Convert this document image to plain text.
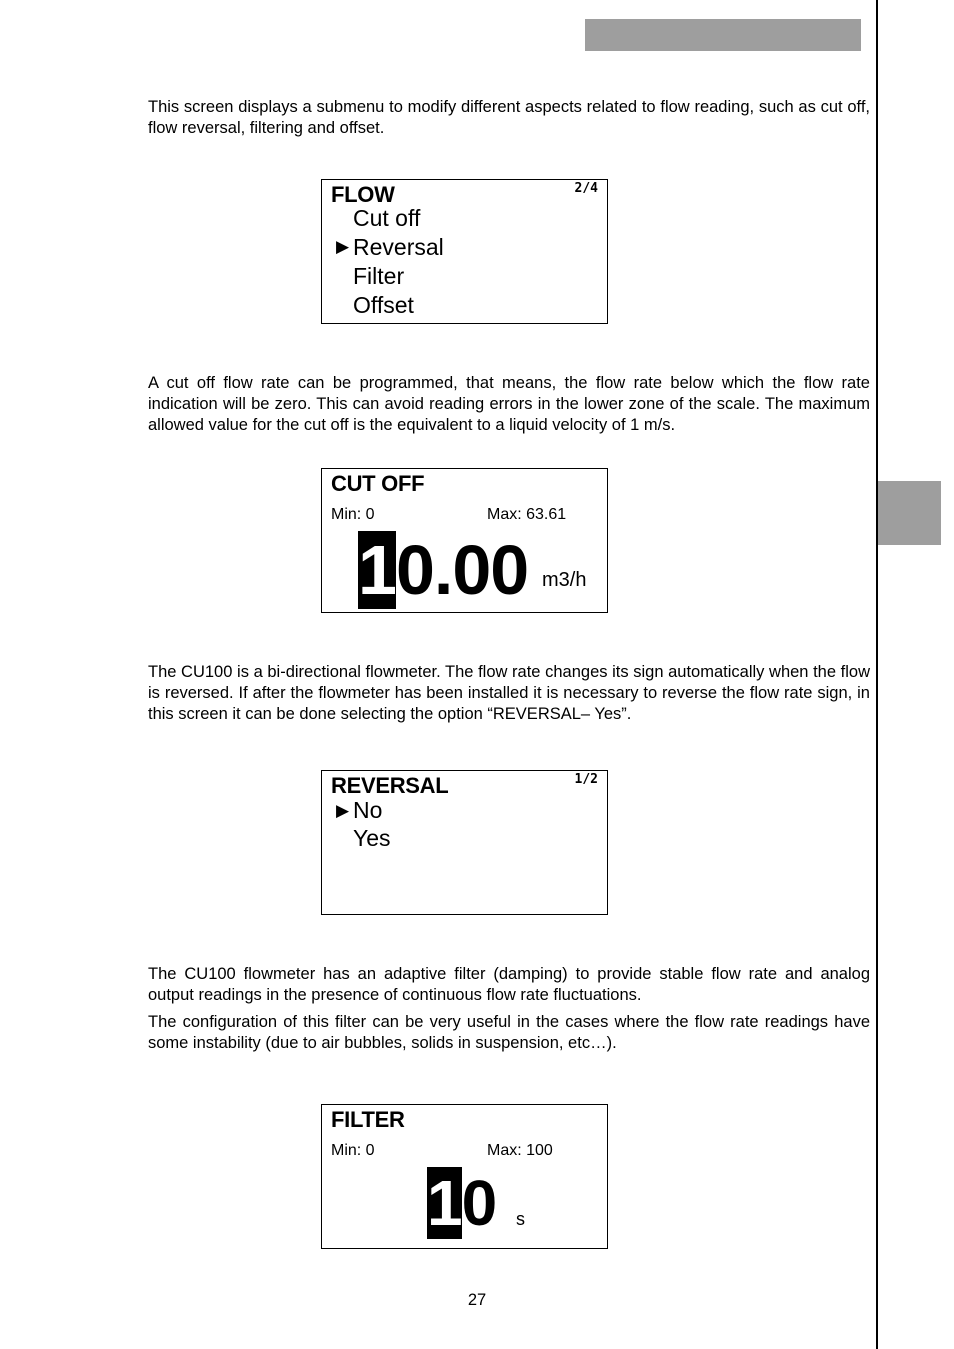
This screen displays a submenu to modify different aspects related to flow reading, such as cut off, flow reversal, filtering and offset.

FLOW	2/4
▶
Cut off
Reversal
Filter
Offset

A cut off flow rate can be programmed, that means, the flow rate below which the flow rate indication will be zero. This can avoid reading errors in the lower zone of the scale. The maximum allowed value for the cut off is the equivalent to a liquid velocity of 1 m/s.

CUT OFF
Min: 0	Max: 63.61
10.00 m3/h

The CU100 is a bi-directional flowmeter. The flow rate changes its sign automatically when the flow is reversed. If after the flowmeter has been installed it is necessary to reverse the flow rate sign, in this screen it can be done selecting the option “REVERSAL– Yes”.

REVERSAL	1/2
▶ No
Yes

The CU100 flowmeter has an adaptive filter (damping) to provide stable flow rate and analog output readings in the presence of continuous flow rate fluctuations.

The configuration of this filter can be very useful in the cases where the flow rate readings have some instability (due to air bubbles, solids in suspension, etc…).

FILTER
Min: 0	Max: 100
10 s
27
